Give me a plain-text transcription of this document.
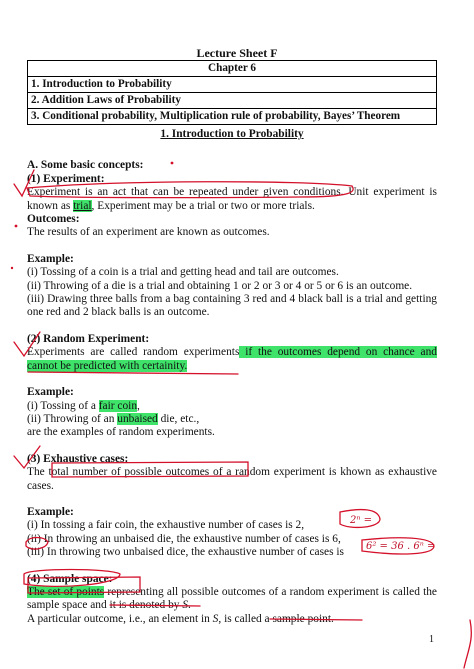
Lecture Sheet F
Chapter 6
1. Introduction to Probability
2. Addition Laws of Probability
3. Conditional probability, Multiplication rule of probability, Bayes’ Theorem

1. Introduction to Probability

A. Some basic concepts:

(1) Experiment:

Experiment is an act that can be repeated under given conditions. Unit experiment is known as trial, Experiment may be a trial or two or more trials.

Outcomes:

The results of an experiment are known as outcomes.

Example:

(i) Tossing of a coin is a trial and getting head and tail are outcomes.

(ii) Throwing of a die is a trial and obtaining 1 or 2 or 3 or 4 or 5 or 6 is an outcome.

(iii) Drawing three balls from a bag containing 3 red and 4 black ball is a trial and getting one red and 2 black balls is an outcome.

(2) Random Experiment:

Experiments are called random experiments if the outcomes depend on chance and cannot be predicted with certainity.

Example:

(i) Tossing of a fair coin,

(ii) Throwing of an unbaised die, etc.,

are the examples of random experiments.

(3) Exhaustive cases:

The total number of possible outcomes of a random experiment is khown as exhaustive cases.

Example:

(i) In tossing a fair coin, the exhaustive number of cases is 2,

(ii) In throwing an unbaised die, the exhaustive number of cases is 6,

(iii) In throwing two unbaised dice, the exhaustive number of cases is

(4) Sample space:

The set of points representing all possible outcomes of a random experiment is called the sample space and it is denoted by S.

A particular outcome, i.e., an element in S, is called a sample point.

2ⁿ =
6² = 36 . 6ⁿ =
1
